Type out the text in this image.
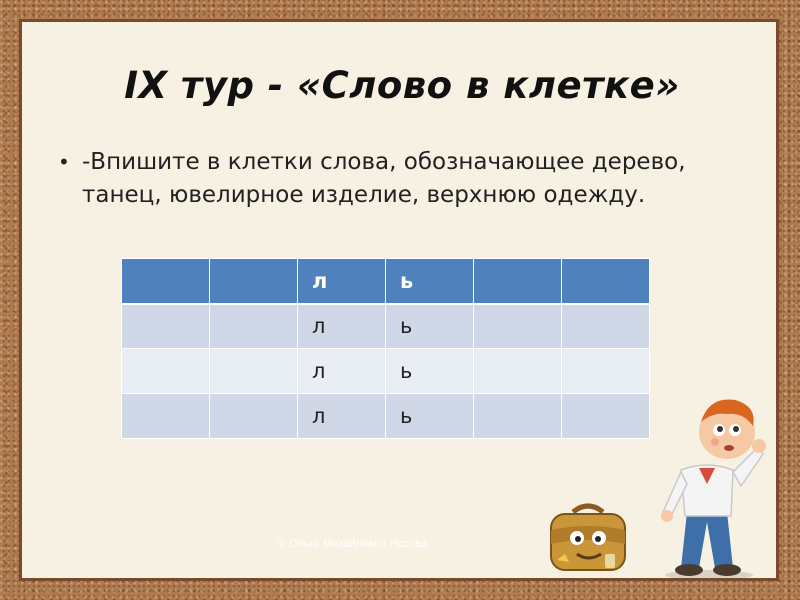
IX тур - «Слово в клетке»
• -Впишите в клетки слова, обозначающее дерево, танец, ювелирное изделие, верхнюю одежду.

		л	ь		
		л	ь		
		л	ь		
		л	ь		
© Ольга Михайловна Носова
